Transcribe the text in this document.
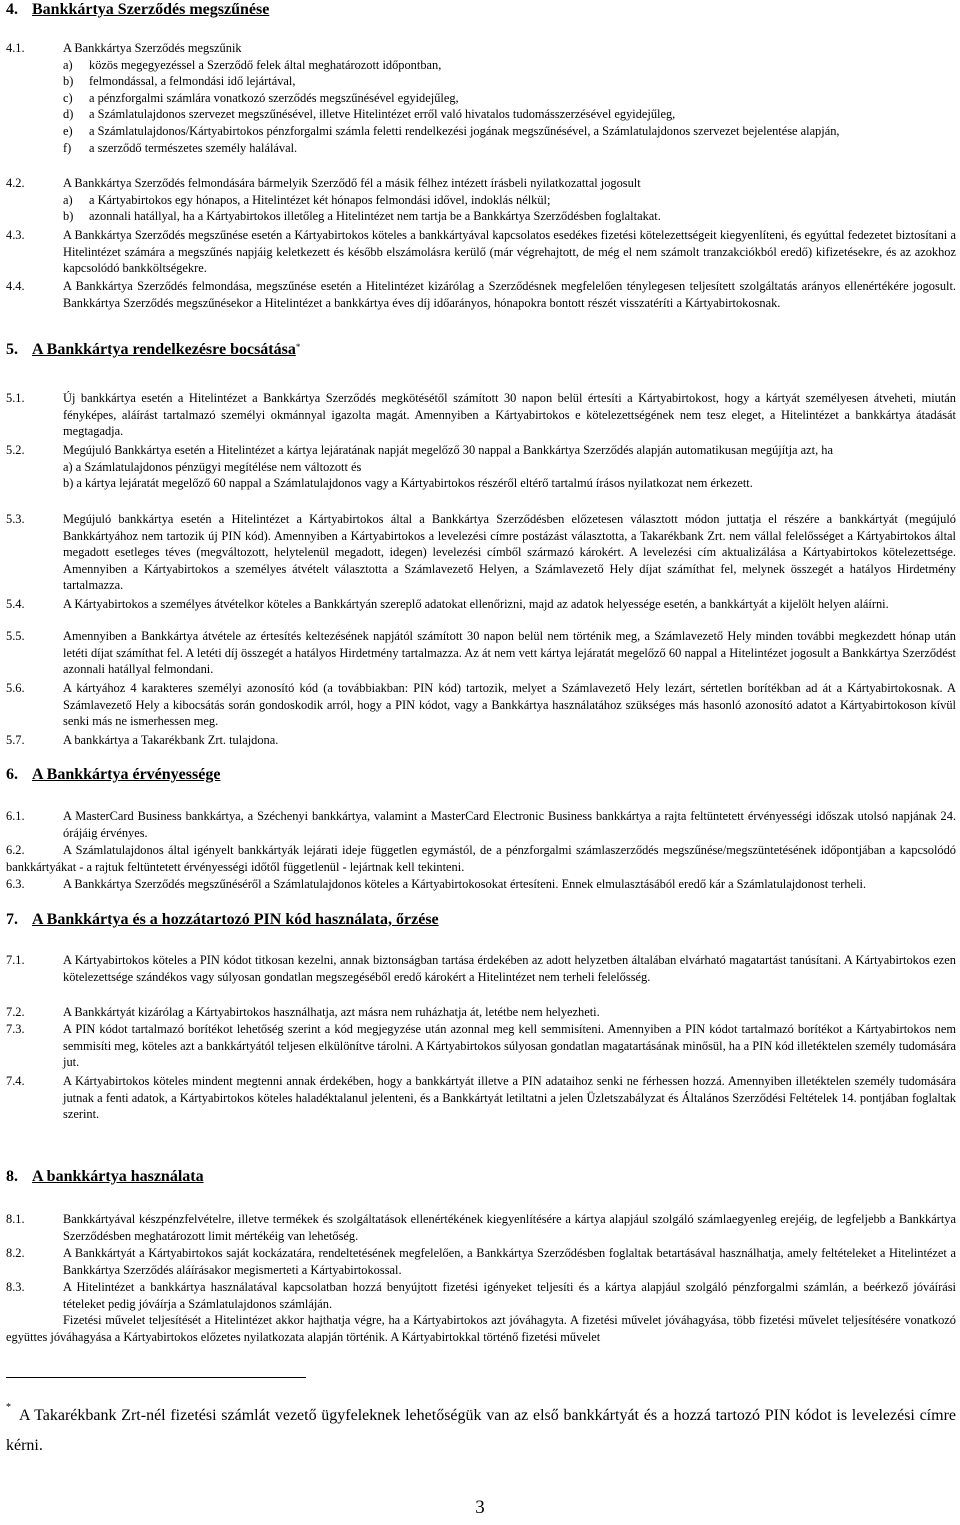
4. Bankkártya Szerződés megszűnése
4.1.	A Bankkártya Szerződés megszűnik
a)	közös megegyezéssel a Szerződő felek által meghatározott időpontban,
b)	felmondással, a felmondási idő lejártával,
c)	a pénzforgalmi számlára vonatkozó szerződés megszűnésével egyidejűleg,
d)	a Számlatulajdonos szervezet megszűnésével, illetve Hitelintézet erről való hivatalos tudomásszerzésével egyidejűleg,
e)	a Számlatulajdonos/Kártyabirtokos pénzforgalmi számla feletti rendelkezési jogának megszűnésével, a Számlatulajdonos szervezet bejelentése alapján,
f)	a szerződő természetes személy halálával.
4.2.	A Bankkártya Szerződés felmondására bármelyik Szerződő fél a másik félhez intézett írásbeli nyilatkozattal jogosult
a)	a Kártyabirtokos egy hónapos, a Hitelintézet két hónapos felmondási idővel, indoklás nélkül;
b)	azonnali hatállyal, ha a Kártyabirtokos illetőleg a Hitelintézet nem tartja be a Bankkártya Szerződésben foglaltakat.
4.3.	A Bankkártya Szerződés megszűnése esetén a Kártyabirtokos köteles a bankkártyával kapcsolatos esedékes fizetési kötelezettségeit kiegyenlíteni, és egyúttal fedezetet biztosítani a Hitelintézet számára a megszűnés napjáig keletkezett és később elszámolásra kerülő (már végrehajtott, de még el nem számolt tranzakciókból eredő) kifizetésekre, és az azokhoz kapcsolódó bankköltségekre.
4.4.	A Bankkártya Szerződés felmondása, megszűnése esetén a Hitelintézet kizárólag a Szerződésnek megfelelően ténylegesen teljesített szolgáltatás arányos ellenértékére jogosult. Bankkártya Szerződés megszűnésekor a Hitelintézet a bankkártya éves díj időarányos, hónapokra bontott részét visszatéríti a Kártyabirtokosnak.
5. A Bankkártya rendelkezésre bocsátása*
5.1.	Új bankkártya esetén a Hitelintézet a Bankkártya Szerződés megkötésétől számított 30 napon belül értesíti a Kártyabirtokost, hogy a kártyát személyesen átveheti, miután fényképes, aláírást tartalmazó személyi okmánnyal igazolta magát. Amennyiben a Kártyabirtokos e kötelezettségének nem tesz eleget, a Hitelintézet a bankkártya átadását megtagadja.
5.2.	Megújuló Bankkártya esetén a Hitelintézet a kártya lejáratának napját megelőző 30 nappal a Bankkártya Szerződés alapján automatikusan megújítja azt, ha
a) a Számlatulajdonos pénzügyi megítélése nem változott és
b) a kártya lejáratát megelőző 60 nappal a Számlatulajdonos vagy a Kártyabirtokos részéről eltérő tartalmú írásos nyilatkozat nem érkezett.
5.3.	Megújuló bankkártya esetén a Hitelintézet a Kártyabirtokos által a Bankkártya Szerződésben előzetesen választott módon juttatja el részére a bankkártyát (megújuló Bankkártyához nem tartozik új PIN kód). Amennyiben a Kártyabirtokos a levelezési címre postázást választotta, a Takarékbank Zrt. nem vállal felelősséget a Kártyabirtokos által megadott esetleges téves (megváltozott, helytelenül megadott, idegen) levelezési címből származó károkért. A levelezési cím aktualizálása a Kártyabirtokos kötelezettsége. Amennyiben a Kártyabirtokos a személyes átvételt választotta a Számlavezető Helyen, a Számlavezető Hely díjat számíthat fel, melynek összegét a hatályos Hirdetmény tartalmazza.
5.4.	A Kártyabirtokos a személyes átvételkor köteles a Bankkártyán szereplő adatokat ellenőrizni, majd az adatok helyessége esetén, a bankkártyát a kijelölt helyen aláírni.
5.5.	Amennyiben a Bankkártya átvétele az értesítés keltezésének napjától számított 30 napon belül nem történik meg, a Számlavezető Hely minden további megkezdett hónap után letéti díjat számíthat fel. A letéti díj összegét a hatályos Hirdetmény tartalmazza. Az át nem vett kártya lejáratát megelőző 60 nappal a Hitelintézet jogosult a Bankkártya Szerződést azonnali hatállyal felmondani.
5.6.	A kártyához 4 karakteres személyi azonosító kód (a továbbiakban: PIN kód) tartozik, melyet a Számlavezető Hely lezárt, sértetlen borítékban ad át a Kártyabirtokosnak. A Számlavezető Hely a kibocsátás során gondoskodik arról, hogy a PIN kódot, vagy a Bankkártya használatához szükséges más hasonló azonosító adatot a Kártyabirtokoson kívül senki más ne ismerhessen meg.
5.7.	A bankkártya a Takarékbank Zrt. tulajdona.
6. A Bankkártya érvényessége
6.1.	A MasterCard Business bankkártya, a Széchenyi bankkártya, valamint a MasterCard Electronic Business bankkártya a rajta feltüntetett érvényességi időszak utolsó napjának 24. órájáig érvényes.
6.2.	A Számlatulajdonos által igényelt bankkártyák lejárati ideje független egymástól, de a pénzforgalmi számlaszerződés megszűnése/megszüntetésének időpontjában a kapcsolódó bankkártyákat - a rajtuk feltüntetett érvényességi időtől függetlenül - lejártnak kell tekinteni.
6.3.	A Bankkártya Szerződés megszűnéséről a Számlatulajdonos köteles a Kártyabirtokosokat értesíteni. Ennek elmulasztásából eredő kár a Számlatulajdonost terheli.
7. A Bankkártya és a hozzátartozó PIN kód használata, őrzése
7.1.	A Kártyabirtokos köteles a PIN kódot titkosan kezelni, annak biztonságban tartása érdekében az adott helyzetben általában elvárható magatartást tanúsítani. A Kártyabirtokos ezen kötelezettsége szándékos vagy súlyosan gondatlan megszegéséből eredő károkért a Hitelintézet nem terheli felelősség.
7.2.	A Bankkártyát kizárólag a Kártyabirtokos használhatja, azt másra nem ruházhatja át, letétbe nem helyezheti.
7.3.	A PIN kódot tartalmazó borítékot lehetőség szerint a kód megjegyzése után azonnal meg kell semmisíteni. Amennyiben a PIN kódot tartalmazó borítékot a Kártyabirtokos nem semmisíti meg, köteles azt a bankkártyától teljesen elkülönítve tárolni. A Kártyabirtokos súlyosan gondatlan magatartásának minősül, ha a PIN kód illetéktelen személy tudomására jut.
7.4.	A Kártyabirtokos köteles mindent megtenni annak érdekében, hogy a bankkártyát illetve a PIN adataihoz senki ne férhessen hozzá. Amennyiben illetéktelen személy tudomására jutnak a fenti adatok, a Kártyabirtokos köteles haladéktalanul jelenteni, és a Bankkártyát letiltatni a jelen Üzletszabályzat és Általános Szerződési Feltételek 14. pontjában foglaltak szerint.
8. A bankkártya használata
8.1.	Bankkártyával készpénzfelvételre, illetve termékek és szolgáltatások ellenértékének kiegyenlítésére a kártya alapjául szolgáló számlaegyenleg erejéig, de legfeljebb a Bankkártya Szerződésben meghatározott limit mértékéig van lehetőség.
8.2.	A Bankkártyát a Kártyabirtokos saját kockázatára, rendeltetésének megfelelően, a Bankkártya Szerződésben foglaltak betartásával használhatja, amely feltételeket a Hitelintézet a Bankkártya Szerződés aláírásakor megismerteti a Kártyabirtokossal.
8.3.	A Hitelintézet a bankkártya használatával kapcsolatban hozzá benyújtott fizetési igényeket teljesíti és a kártya alapjául szolgáló pénzforgalmi számlán, a beérkező jóváírási tételeket pedig jóváírja a Számlatulajdonos számláján.
Fizetési művelet teljesítését a Hitelintézet akkor hajthatja végre, ha a Kártyabirtokos azt jóváhagyta. A fizetési művelet jóváhagyása, több fizetési művelet teljesítésére vonatkozó együttes jóváhagyása a Kártyabirtokos előzetes nyilatkozata alapján történik. A Kártyabirtokkal történő fizetési művelet
* A Takarékbank Zrt-nél fizetési számlát vezető ügyfeleknek lehetőségük van az első bankkártyát és a hozzá tartozó PIN kódot is levelezési címre kérni.
3
